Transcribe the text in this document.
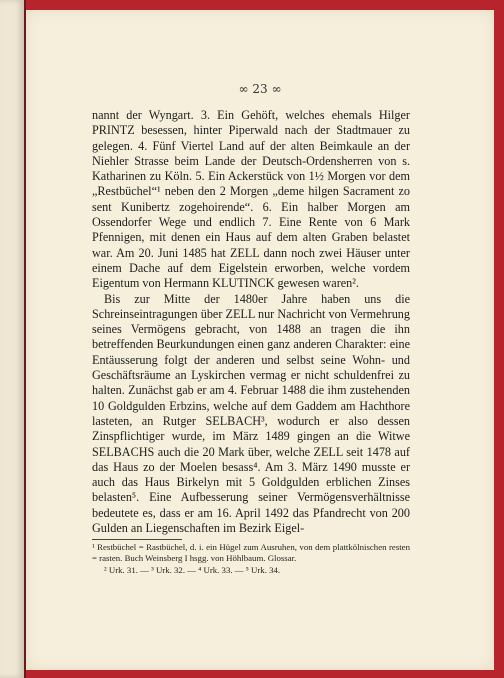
∞ 23 ∞

nannt der Wyngart. 3. Ein Gehöft, welches ehemals Hilger PRINTZ besessen, hinter Piperwald nach der Stadtmauer zu gelegen. 4. Fünf Viertel Land auf der alten Beimkaule an der Niehler Strasse beim Lande der Deutsch-Ordensherren von s. Katharinen zu Köln. 5. Ein Ackerstück von 1½ Morgen vor dem „Restbüchel“¹ neben den 2 Morgen „deme hilgen Sacrament zo sent Kunibertz zogehoirende“. 6. Ein halber Morgen am Ossendorfer Wege und endlich 7. Eine Rente von 6 Mark Pfennigen, mit denen ein Haus auf dem alten Graben belastet war. Am 20. Juni 1485 hat ZELL dann noch zwei Häuser unter einem Dache auf dem Eigelstein erworben, welche vordem Eigentum von Hermann KLUTINCK gewesen waren².

Bis zur Mitte der 1480er Jahre haben uns die Schreinseintragungen über ZELL nur Nachricht von Vermehrung seines Vermögens gebracht, von 1488 an tragen die ihn betreffenden Beurkundungen einen ganz anderen Charakter: eine Entäusserung folgt der anderen und selbst seine Wohn- und Geschäftsräume an Lyskirchen vermag er nicht schuldenfrei zu halten. Zunächst gab er am 4. Februar 1488 die ihm zustehenden 10 Goldgulden Erbzins, welche auf dem Gaddem am Hachthore lasteten, an Rutger SELBACH³, wodurch er also dessen Zinspflichtiger wurde, im März 1489 gingen an die Witwe SELBACHS auch die 20 Mark über, welche ZELL seit 1478 auf das Haus zo der Moelen besass⁴. Am 3. März 1490 musste er auch das Haus Birkelyn mit 5 Goldgulden erblichen Zinses belasten⁵. Eine Aufbesserung seiner Vermögensverhältnisse bedeutete es, dass er am 16. April 1492 das Pfandrecht von 200 Gulden an Liegenschaften im Bezirk Eigel-

¹ Restbüchel = Rastbüchel, d. i. ein Hügel zum Ausruhen, von dem plattkölnischen resten = rasten. Buch Weinsberg I hsgg. von Höhlbaum. Glossar.

² Urk. 31. — ³ Urk. 32. — ⁴ Urk. 33. — ⁵ Urk. 34.
